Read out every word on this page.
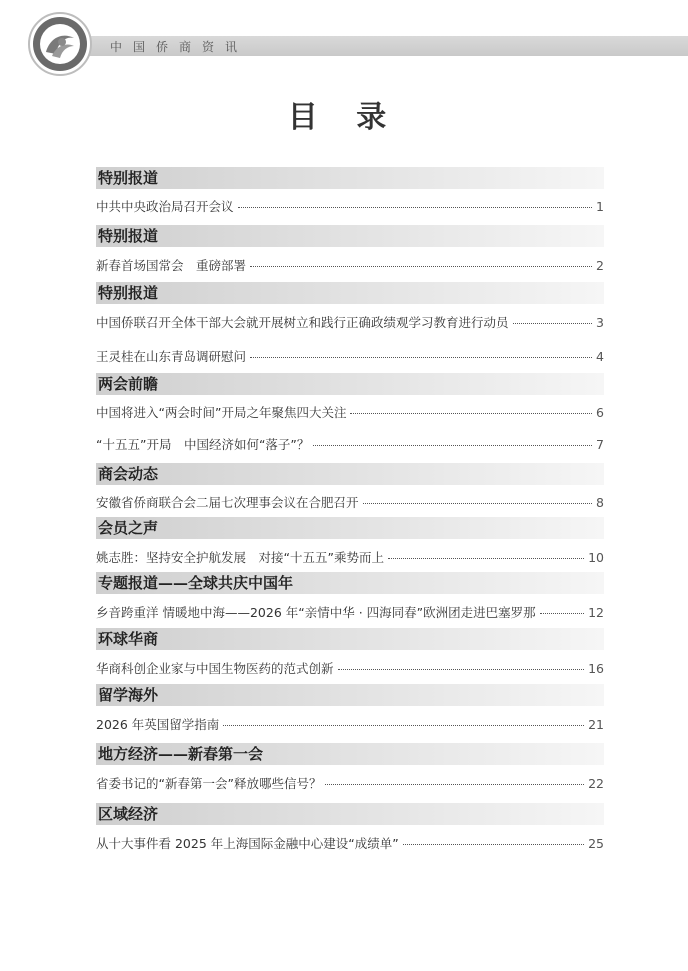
中国侨商资讯
目 录
特别报道
中共中央政治局召开会议	1
特别报道
新春首场国常会　重磅部署	2
特别报道
中国侨联召开全体干部大会就开展树立和践行正确政绩观学习教育进行动员	3
王灵桂在山东青岛调研慰问	4
两会前瞻
中国将进入“两会时间”开局之年聚焦四大关注	6
“十五五”开局　中国经济如何“落子”？	7
商会动态
安徽省侨商联合会二届七次理事会议在合肥召开	8
会员之声
姚志胜：坚持安全护航发展　对接“十五五”乘势而上	10
专题报道——全球共庆中国年
乡音跨重洋 情暖地中海——2026 年“亲情中华 · 四海同春”欧洲团走进巴塞罗那	12
环球华商
华商科创企业家与中国生物医药的范式创新	16
留学海外
2026 年英国留学指南	21
地方经济——新春第一会
省委书记的“新春第一会”释放哪些信号？	22
区域经济
从十大事件看 2025 年上海国际金融中心建设“成绩单”	25
